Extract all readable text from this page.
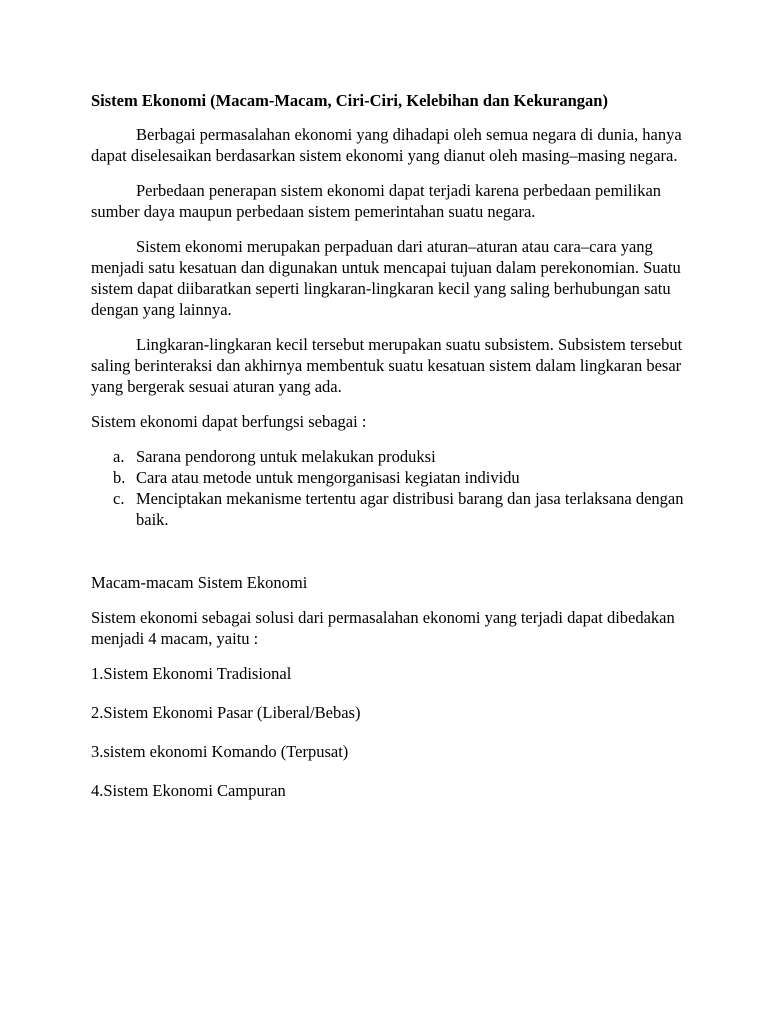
Sistem Ekonomi (Macam-Macam, Ciri-Ciri, Kelebihan dan Kekurangan)

Berbagai permasalahan ekonomi yang dihadapi oleh semua negara di dunia, hanya dapat diselesaikan berdasarkan sistem ekonomi yang dianut oleh masing–masing negara.

Perbedaan penerapan sistem ekonomi dapat terjadi karena perbedaan pemilikan sumber daya maupun perbedaan sistem pemerintahan suatu negara.

Sistem ekonomi merupakan perpaduan dari aturan–aturan atau cara–cara yang menjadi satu kesatuan dan digunakan untuk mencapai tujuan dalam perekonomian. Suatu sistem dapat diibaratkan seperti lingkaran-lingkaran kecil yang saling berhubungan satu dengan yang lainnya.

Lingkaran-lingkaran kecil tersebut merupakan suatu subsistem. Subsistem tersebut saling berinteraksi dan akhirnya membentuk suatu kesatuan sistem dalam lingkaran besar yang bergerak sesuai aturan yang ada.

Sistem ekonomi dapat berfungsi sebagai :

a. Sarana pendorong untuk melakukan produksi
b. Cara atau metode untuk mengorganisasi kegiatan individu
c. Menciptakan mekanisme tertentu agar distribusi barang dan jasa terlaksana dengan baik.

Macam-macam Sistem Ekonomi

Sistem ekonomi sebagai solusi dari permasalahan ekonomi yang terjadi dapat dibedakan menjadi 4 macam, yaitu :

1.Sistem Ekonomi Tradisional

2.Sistem Ekonomi Pasar (Liberal/Bebas)

3.sistem ekonomi Komando (Terpusat)

4.Sistem Ekonomi Campuran
